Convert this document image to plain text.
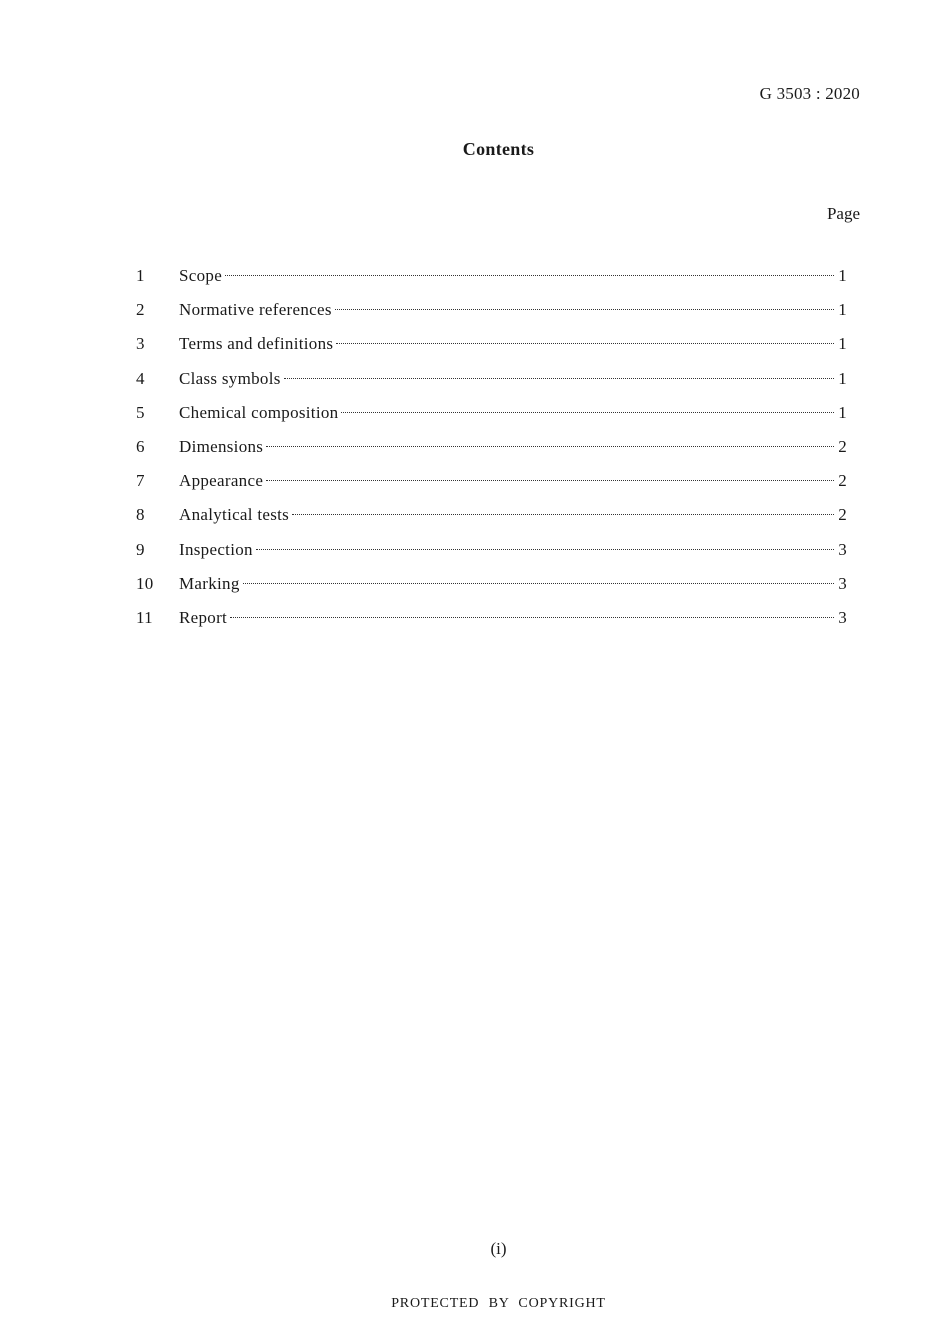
G 3503 : 2020
Contents
Page
1	Scope	1
2	Normative references	1
3	Terms and definitions	1
4	Class symbols	1
5	Chemical composition	1
6	Dimensions	2
7	Appearance	2
8	Analytical tests	2
9	Inspection	3
10	Marking	3
11	Report	3
(i)
PROTECTED BY COPYRIGHT
